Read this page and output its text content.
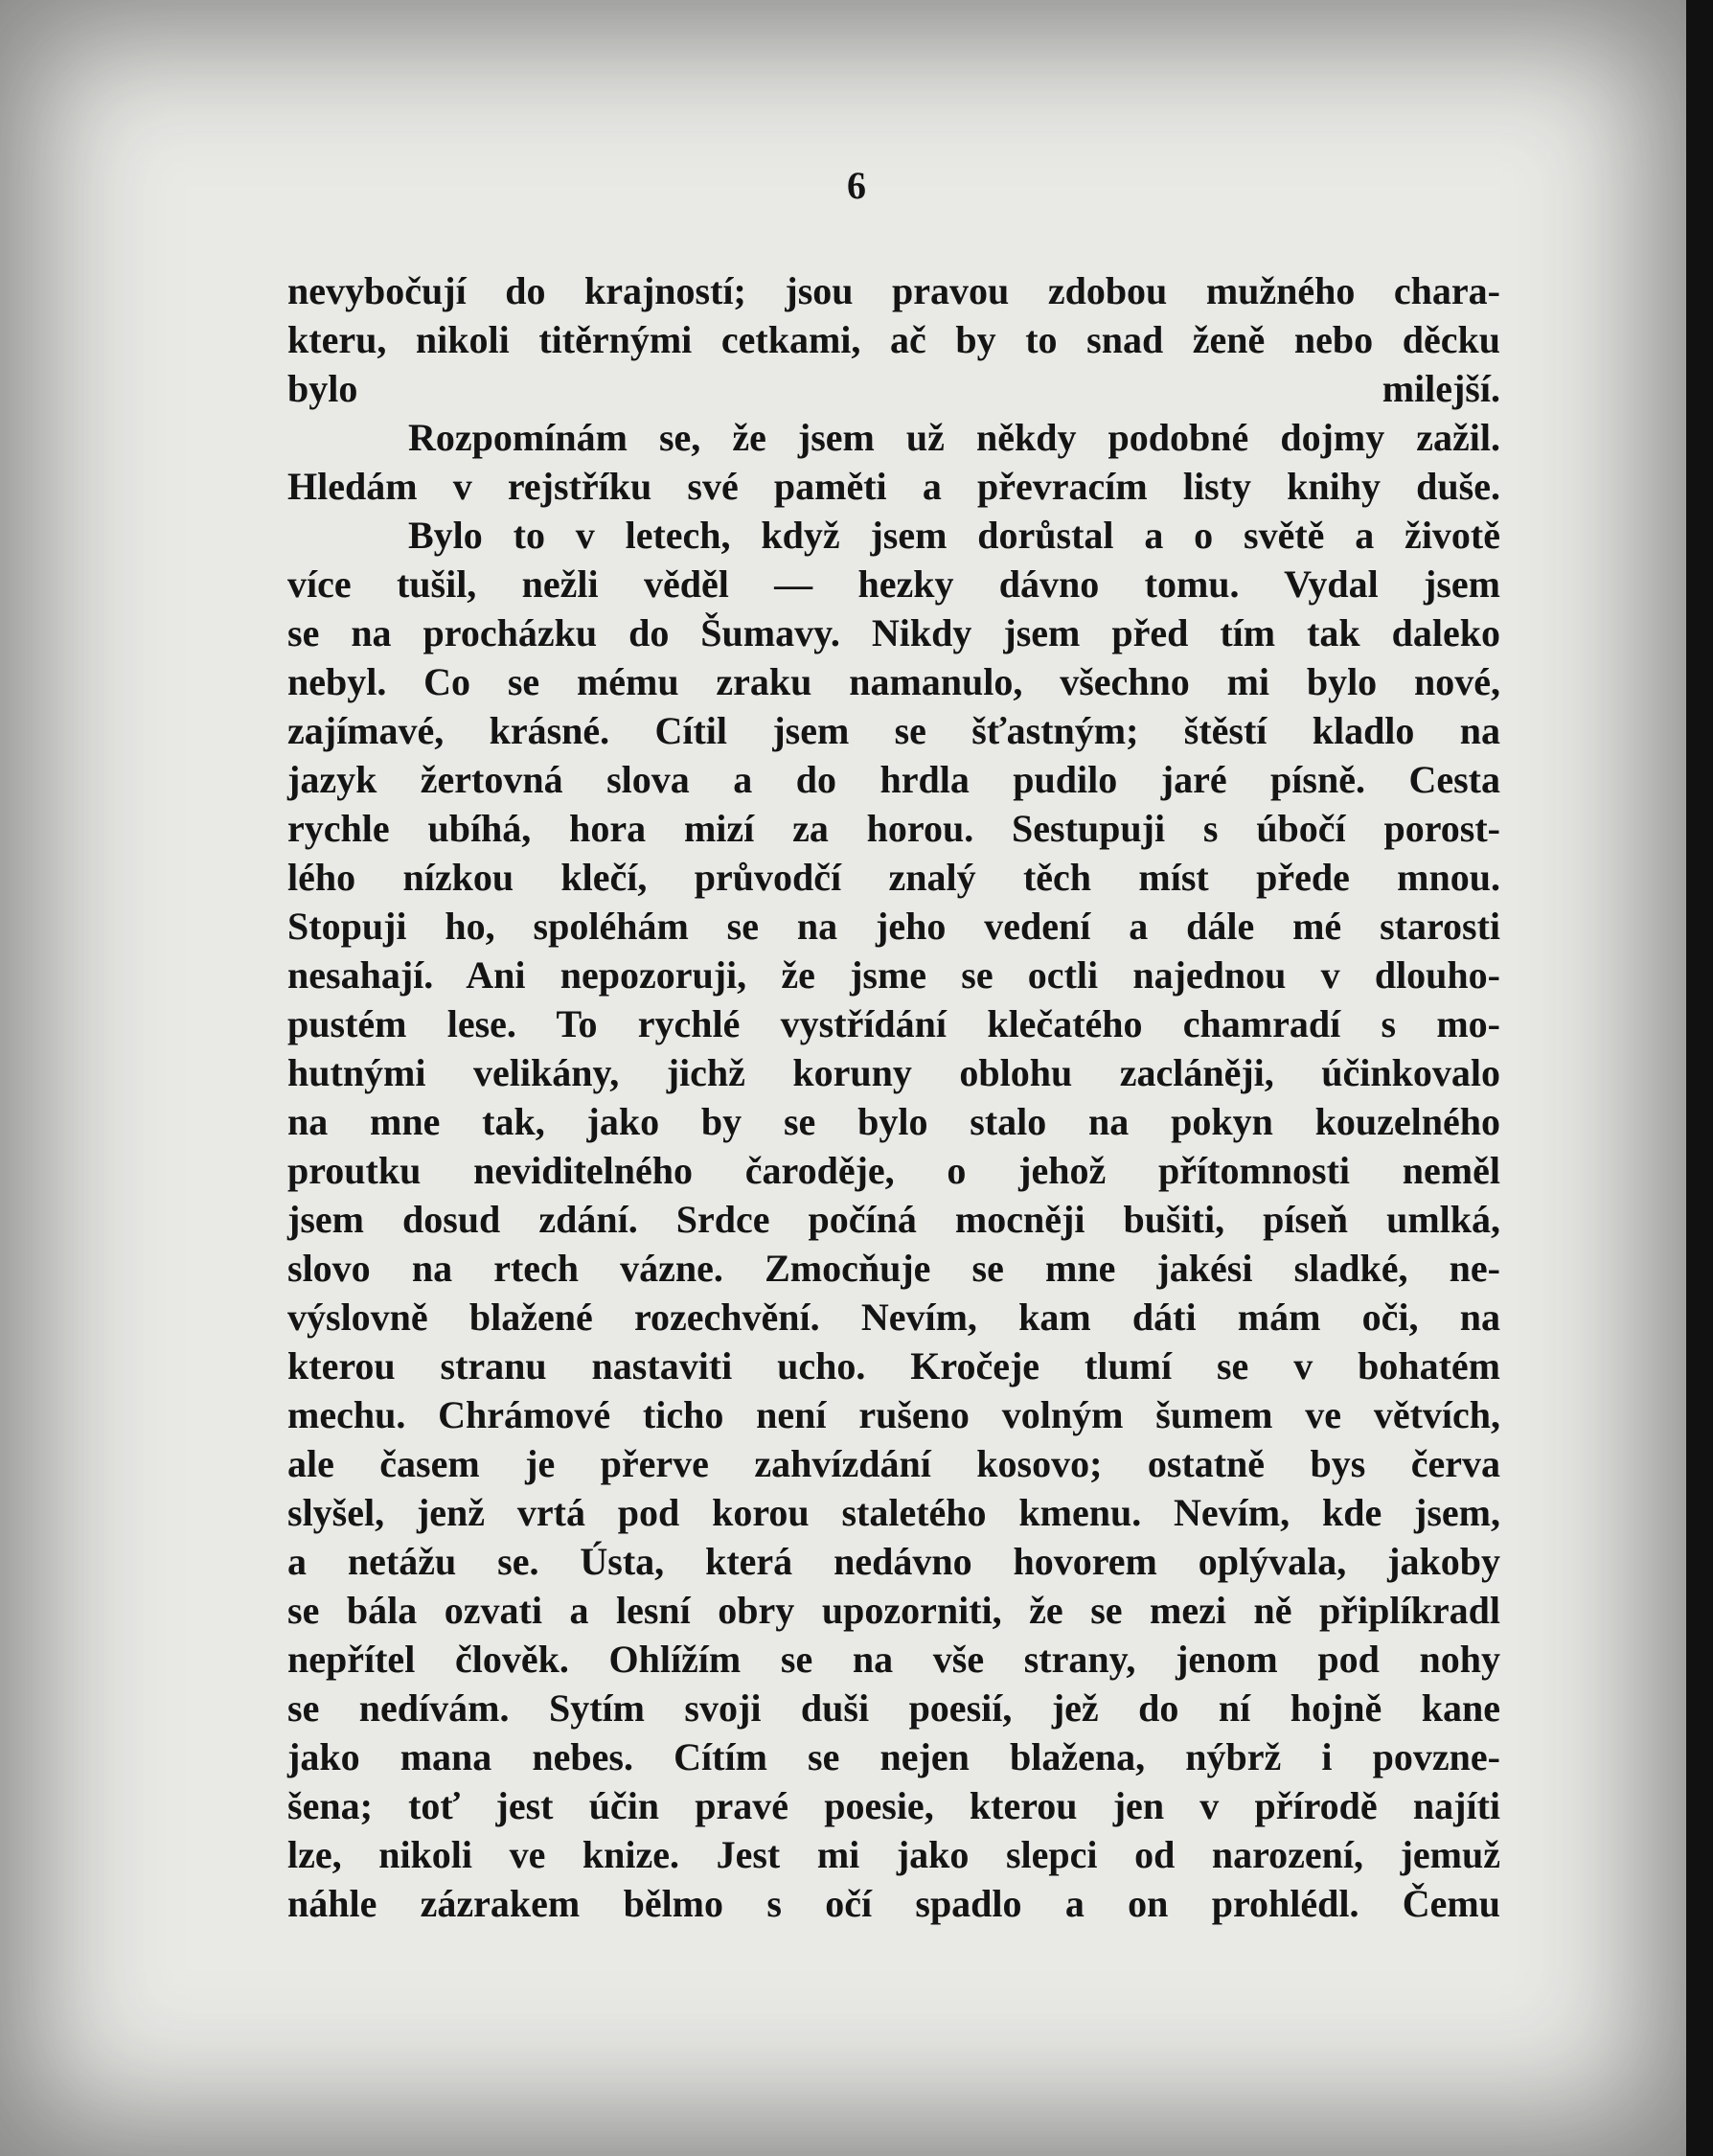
6
nevybočují do krajností; jsou pravou zdobou mužného chara-
kteru, nikoli titěrnými cetkami, ač by to snad ženě nebo děcku
bylo milejší.
Rozpomínám se, že jsem už někdy podobné dojmy zažil.
Hledám v rejstříku své paměti a převracím listy knihy duše.
Bylo to v letech, když jsem dorůstal a o světě a životě
více tušil, nežli věděl — hezky dávno tomu. Vydal jsem
se na procházku do Šumavy. Nikdy jsem před tím tak daleko
nebyl. Co se mému zraku namanulo, všechno mi bylo nové,
zajímavé, krásné. Cítil jsem se šťastným; štěstí kladlo na
jazyk žertovná slova a do hrdla pudilo jaré písně. Cesta
rychle ubíhá, hora mizí za horou. Sestupuji s úbočí porost-
lého nízkou klečí, průvodčí znalý těch míst přede mnou.
Stopuji ho, spoléhám se na jeho vedení a dále mé starosti
nesahají. Ani nepozoruji, že jsme se octli najednou v dlouho-
pustém lese. To rychlé vystřídání klečatého chamradí s mo-
hutnými velikány, jichž koruny oblohu zacláněji, účinkovalo
na mne tak, jako by se bylo stalo na pokyn kouzelného
proutku neviditelného čaroděje, o jehož přítomnosti neměl
jsem dosud zdání. Srdce počíná mocněji bušiti, píseň umlká,
slovo na rtech vázne. Zmocňuje se mne jakési sladké, ne-
výslovně blažené rozechvění. Nevím, kam dáti mám oči, na
kterou stranu nastaviti ucho. Kročeje tlumí se v bohatém
mechu. Chrámové ticho není rušeno volným šumem ve větvích,
ale časem je přerve zahvízdání kosovo; ostatně bys červa
slyšel, jenž vrtá pod korou staletého kmenu. Nevím, kde jsem,
a netážu se. Ústa, která nedávno hovorem oplývala, jakoby
se bála ozvati a lesní obry upozorniti, že se mezi ně připlíkradl
nepřítel člověk. Ohlížím se na vše strany, jenom pod nohy
se nedívám. Sytím svoji duši poesií, jež do ní hojně kane
jako mana nebes. Cítím se nejen blažena, nýbrž i povzne-
šena; toť jest účin pravé poesie, kterou jen v přírodě najíti
lze, nikoli ve knize. Jest mi jako slepci od narození, jemuž
náhle zázrakem bělmo s očí spadlo a on prohlédl. Čemu
